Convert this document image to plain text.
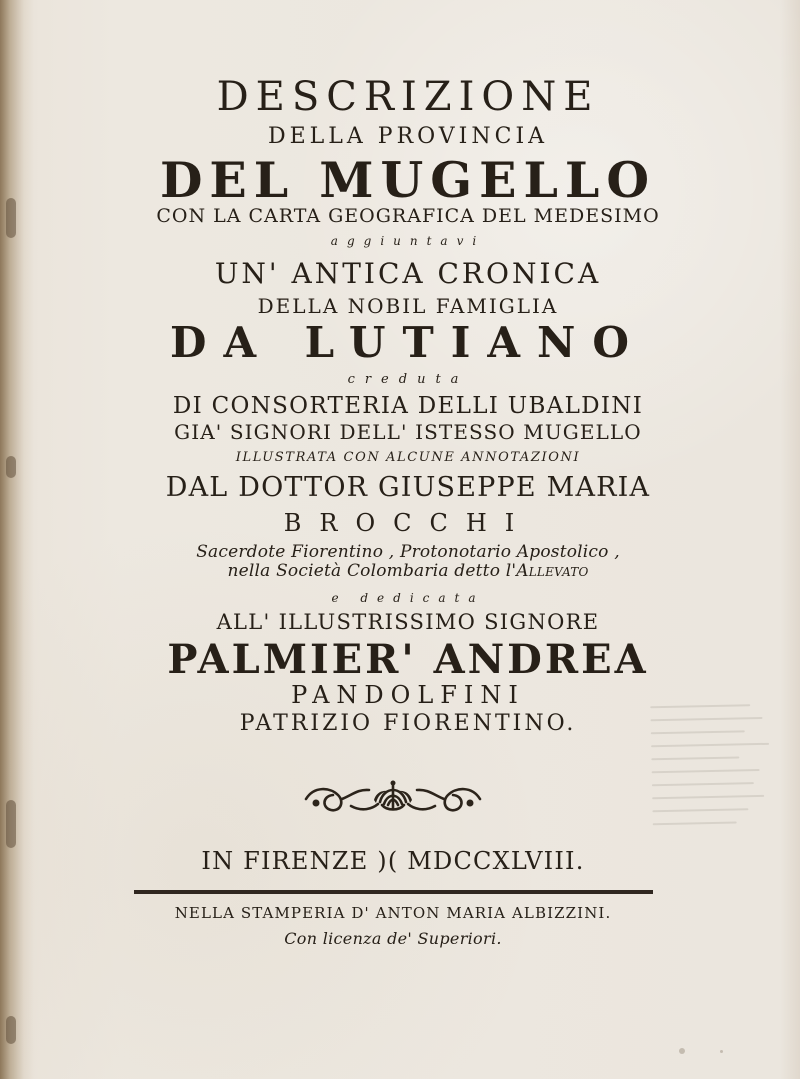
DESCRIZIONE

DELLA PROVINCIA

DEL MUGELLO

CON LA CARTA GEOGRAFICA DEL MEDESIMO

aggiuntavi

UN' ANTICA CRONICA

DELLA NOBIL FAMIGLIA

DA LUTIANO

creduta

DI CONSORTERIA DELLI UBALDINI

GIA' SIGNORI DELL' ISTESSO MUGELLO

ILLUSTRATA CON ALCUNE ANNOTAZIONI

DAL DOTTOR GIUSEPPE MARIA

BROCCHI

Sacerdote Fiorentino , Protonotario Apostolico ,

nella Società Colombaria detto l'Allevato

e dedicata

ALL' ILLUSTRISSIMO SIGNORE

PALMIER' ANDREA

PANDOLFINI

PATRIZIO FIORENTINO.

IN FIRENZE )( MDCCXLVIII.

NELLA STAMPERIA D' ANTON MARIA ALBIZZINI.

Con licenza de' Superiori.
